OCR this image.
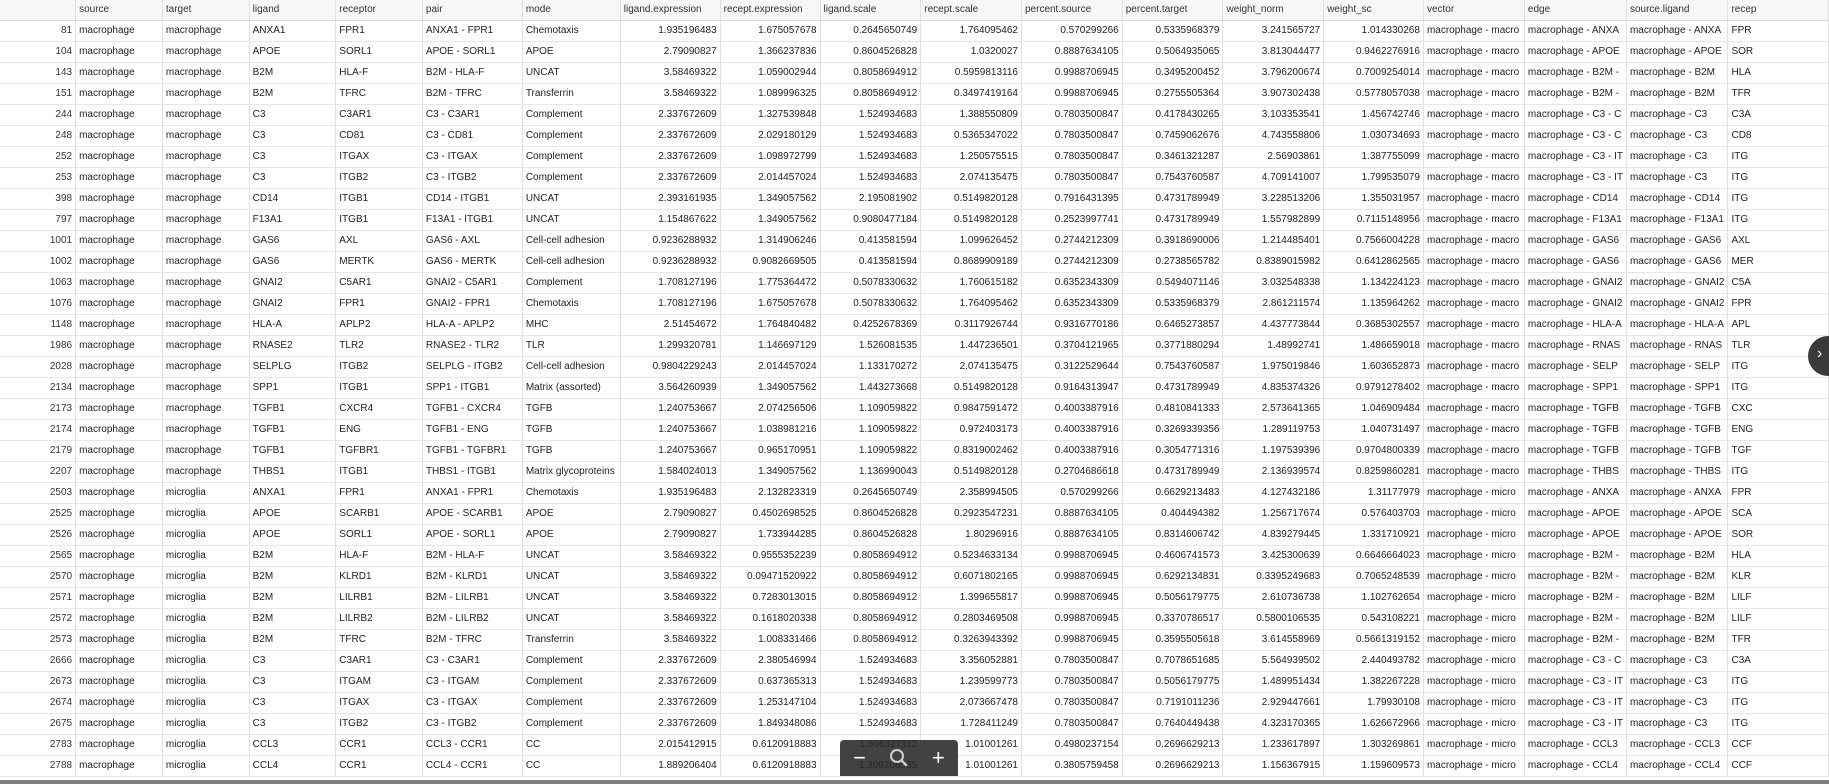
	source	target	ligand	receptor	pair	mode	ligand.expression	recept.expression	ligand.scale	recept.scale	percent.source	percent.target	weight_norm	weight_sc	vector	edge	source.ligand	recep
81	macrophage	macrophage	ANXA1	FPR1	ANXA1 - FPR1	Chemotaxis	1.935196483	1.675057678	0.2645650749	1.764095462	0.570299266	0.5335968379	3.241565727	1.014330268	macrophage - macro	macrophage - ANXA	macrophage - ANXA	FPR
104	macrophage	macrophage	APOE	SORL1	APOE - SORL1	APOE	2.79090827	1.366237836	0.8604526828	1.0320027	0.8887634105	0.5064935065	3.813044477	0.9462276916	macrophage - macro	macrophage - APOE	macrophage - APOE	SOR
143	macrophage	macrophage	B2M	HLA-F	B2M - HLA-F	UNCAT	3.58469322	1.059002944	0.8058694912	0.5959813116	0.9988706945	0.3495200452	3.796200674	0.7009254014	macrophage - macro	macrophage - B2M -	macrophage - B2M	HLA
151	macrophage	macrophage	B2M	TFRC	B2M - TFRC	Transferrin	3.58469322	1.089996325	0.8058694912	0.3497419164	0.9988706945	0.2755505364	3.907302438	0.5778057038	macrophage - macro	macrophage - B2M -	macrophage - B2M	TFR
244	macrophage	macrophage	C3	C3AR1	C3 - C3AR1	Complement	2.337672609	1.327539848	1.524934683	1.388550809	0.7803500847	0.4178430265	3.103353541	1.456742746	macrophage - macro	macrophage - C3 - C	macrophage - C3	C3A
248	macrophage	macrophage	C3	CD81	C3 - CD81	Complement	2.337672609	2.029180129	1.524934683	0.5365347022	0.7803500847	0.7459062676	4.743558806	1.030734693	macrophage - macro	macrophage - C3 - C	macrophage - C3	CD8
252	macrophage	macrophage	C3	ITGAX	C3 - ITGAX	Complement	2.337672609	1.098972799	1.524934683	1.250575515	0.7803500847	0.3461321287	2.56903861	1.387755099	macrophage - macro	macrophage - C3 - IT	macrophage - C3	ITG
253	macrophage	macrophage	C3	ITGB2	C3 - ITGB2	Complement	2.337672609	2.014457024	1.524934683	2.074135475	0.7803500847	0.7543760587	4.709141007	1.799535079	macrophage - macro	macrophage - C3 - IT	macrophage - C3	ITG
398	macrophage	macrophage	CD14	ITGB1	CD14 - ITGB1	UNCAT	2.393161935	1.349057562	2.195081902	0.5149820128	0.7916431395	0.4731789949	3.228513206	1.355031957	macrophage - macro	macrophage - CD14	macrophage - CD14	ITG
797	macrophage	macrophage	F13A1	ITGB1	F13A1 - ITGB1	UNCAT	1.154867622	1.349057562	0.9080477184	0.5149820128	0.2523997741	0.4731789949	1.557982899	0.7115148956	macrophage - macro	macrophage - F13A1	macrophage - F13A1	ITG
1001	macrophage	macrophage	GAS6	AXL	GAS6 - AXL	Cell-cell adhesion	0.9236288932	1.314906246	0.413581594	1.099626452	0.2744212309	0.3918690006	1.214485401	0.7566004228	macrophage - macro	macrophage - GAS6	macrophage - GAS6	AXL
1002	macrophage	macrophage	GAS6	MERTK	GAS6 - MERTK	Cell-cell adhesion	0.9236288932	0.9082669505	0.413581594	0.8689909189	0.2744212309	0.2738565782	0.8389015982	0.6412862565	macrophage - macro	macrophage - GAS6	macrophage - GAS6	MER
1063	macrophage	macrophage	GNAI2	C5AR1	GNAI2 - C5AR1	Complement	1.708127196	1.775364472	0.5078330632	1.760615182	0.6352343309	0.5494071146	3.032548338	1.134224123	macrophage - macro	macrophage - GNAI2	macrophage - GNAI2	C5A
1076	macrophage	macrophage	GNAI2	FPR1	GNAI2 - FPR1	Chemotaxis	1.708127196	1.675057678	0.5078330632	1.764095462	0.6352343309	0.5335968379	2.861211574	1.135964262	macrophage - macro	macrophage - GNAI2	macrophage - GNAI2	FPR
1148	macrophage	macrophage	HLA-A	APLP2	HLA-A - APLP2	MHC	2.51454672	1.764840482	0.4252678369	0.3117926744	0.9316770186	0.6465273857	4.437773844	0.3685302557	macrophage - macro	macrophage - HLA-A	macrophage - HLA-A	APL
1986	macrophage	macrophage	RNASE2	TLR2	RNASE2 - TLR2	TLR	1.299320781	1.146697129	1.526081535	1.447236501	0.3704121965	0.3771880294	1.48992741	1.486659018	macrophage - macro	macrophage - RNAS	macrophage - RNAS	TLR
2028	macrophage	macrophage	SELPLG	ITGB2	SELPLG - ITGB2	Cell-cell adhesion	0.9804229243	2.014457024	1.133170272	2.074135475	0.3122529644	0.7543760587	1.975019846	1.603652873	macrophage - macro	macrophage - SELP	macrophage - SELP	ITG
2134	macrophage	macrophage	SPP1	ITGB1	SPP1 - ITGB1	Matrix (assorted)	3.564260939	1.349057562	1.443273668	0.5149820128	0.9164313947	0.4731789949	4.835374326	0.9791278402	macrophage - macro	macrophage - SPP1	macrophage - SPP1	ITG
2173	macrophage	macrophage	TGFB1	CXCR4	TGFB1 - CXCR4	TGFB	1.240753667	2.074256506	1.109059822	0.9847591472	0.4003387916	0.4810841333	2.573641365	1.046909484	macrophage - macro	macrophage - TGFB	macrophage - TGFB	CXC
2174	macrophage	macrophage	TGFB1	ENG	TGFB1 - ENG	TGFB	1.240753667	1.038981216	1.109059822	0.972403173	0.4003387916	0.3269339356	1.289119753	1.040731497	macrophage - macro	macrophage - TGFB	macrophage - TGFB	ENG
2179	macrophage	macrophage	TGFB1	TGFBR1	TGFB1 - TGFBR1	TGFB	1.240753667	0.965170951	1.109059822	0.8319002462	0.4003387916	0.3054771316	1.197539396	0.9704800339	macrophage - macro	macrophage - TGFB	macrophage - TGFB	TGF
2207	macrophage	macrophage	THBS1	ITGB1	THBS1 - ITGB1	Matrix glycoproteins	1.584024013	1.349057562	1.136990043	0.5149820128	0.2704686618	0.4731789949	2.136939574	0.8259860281	macrophage - macro	macrophage - THBS	macrophage - THBS	ITG
2503	macrophage	microglia	ANXA1	FPR1	ANXA1 - FPR1	Chemotaxis	1.935196483	2.132823319	0.2645650749	2.358994505	0.570299266	0.6629213483	4.127432186	1.31177979	macrophage - micro	macrophage - ANXA	macrophage - ANXA	FPR
2525	macrophage	microglia	APOE	SCARB1	APOE - SCARB1	APOE	2.79090827	0.4502698525	0.8604526828	0.2923547231	0.8887634105	0.404494382	1.256717674	0.576403703	macrophage - micro	macrophage - APOE	macrophage - APOE	SCA
2526	macrophage	microglia	APOE	SORL1	APOE - SORL1	APOE	2.79090827	1.733944285	0.8604526828	1.80296916	0.8887634105	0.8314606742	4.839279445	1.331710921	macrophage - micro	macrophage - APOE	macrophage - APOE	SOR
2565	macrophage	microglia	B2M	HLA-F	B2M - HLA-F	UNCAT	3.58469322	0.9555352239	0.8058694912	0.5234633134	0.9988706945	0.4606741573	3.425300639	0.6646664023	macrophage - micro	macrophage - B2M -	macrophage - B2M	HLA
2570	macrophage	microglia	B2M	KLRD1	B2M - KLRD1	UNCAT	3.58469322	0.09471520922	0.8058694912	0.6071802165	0.9988706945	0.6292134831	0.3395249683	0.7065248539	macrophage - micro	macrophage - B2M -	macrophage - B2M	KLR
2571	macrophage	microglia	B2M	LILRB1	B2M - LILRB1	UNCAT	3.58469322	0.7283013015	0.8058694912	1.399655817	0.9988706945	0.5056179775	2.610736738	1.102762654	macrophage - micro	macrophage - B2M -	macrophage - B2M	LILF
2572	macrophage	microglia	B2M	LILRB2	B2M - LILRB2	UNCAT	3.58469322	0.1618020338	0.8058694912	0.2803469508	0.9988706945	0.3370786517	0.5800106535	0.543108221	macrophage - micro	macrophage - B2M -	macrophage - B2M	LILF
2573	macrophage	microglia	B2M	TFRC	B2M - TFRC	Transferrin	3.58469322	1.008331466	0.8058694912	0.3263943392	0.9988706945	0.3595505618	3.614558969	0.5661319152	macrophage - micro	macrophage - B2M -	macrophage - B2M	TFR
2666	macrophage	microglia	C3	C3AR1	C3 - C3AR1	Complement	2.337672609	2.380546994	1.524934683	3.356052881	0.7803500847	0.7078651685	5.564939502	2.440493782	macrophage - micro	macrophage - C3 - C	macrophage - C3	C3A
2673	macrophage	microglia	C3	ITGAM	C3 - ITGAM	Complement	2.337672609	0.637365313	1.524934683	1.239599773	0.7803500847	0.5056179775	1.489951434	1.382267228	macrophage - micro	macrophage - C3 - IT	macrophage - C3	ITG
2674	macrophage	microglia	C3	ITGAX	C3 - ITGAX	Complement	2.337672609	1.253147104	1.524934683	2.073667478	0.7803500847	0.7191011236	2.929447661	1.79930108	macrophage - micro	macrophage - C3 - IT	macrophage - C3	ITG
2675	macrophage	microglia	C3	ITGB2	C3 - ITGB2	Complement	2.337672609	1.849348086	1.524934683	1.728411249	0.7803500847	0.7640449438	4.323170365	1.626672966	macrophage - micro	macrophage - C3 - IT	macrophage - C3	ITG
2783	macrophage	microglia	CCL3	CCR1	CCL3 - CCR1	CC	2.015412915	0.6120918883		1.01001261	0.4980237154	0.2696629213	1.233617897	1.303269861	macrophage - micro	macrophage - CCL3	macrophage - CCL3	CCF
2788	macrophage	microglia	CCL4	CCR1	CCL4 - CCR1	CC	1.889206404	0.6120918883		1.01001261	0.3805759458	0.2696629213	1.156367915	1.159609573	macrophage - micro	macrophage - CCL4	macrophage - CCL4	CCF
›
−	+
